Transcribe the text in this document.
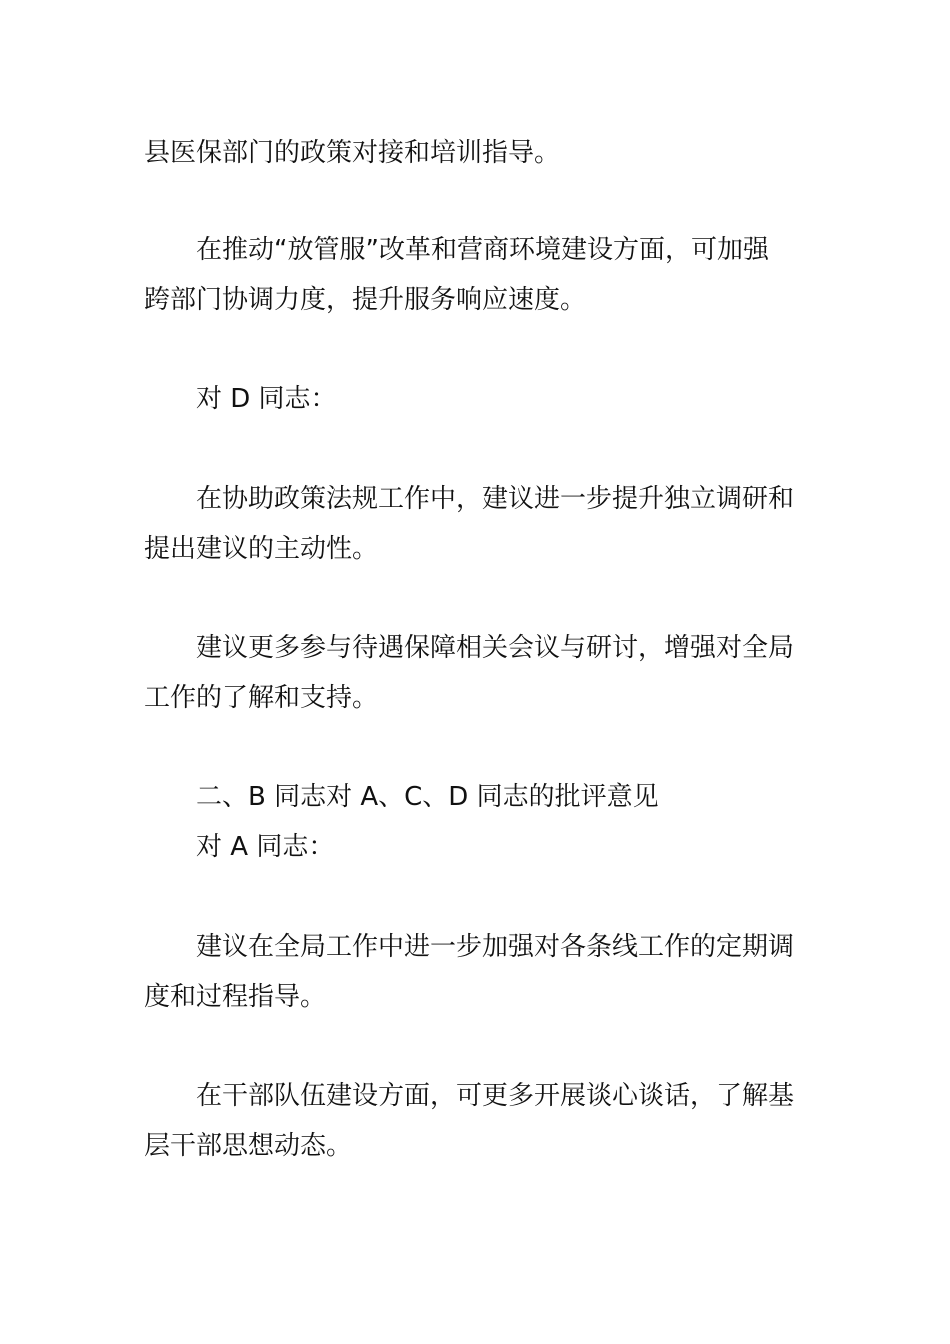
县医保部门的政策对接和培训指导。
在推动“放管服”改革和营商环境建设方面，可加强
跨部门协调力度，提升服务响应速度。
对 D 同志：
在协助政策法规工作中，建议进一步提升独立调研和
提出建议的主动性。
建议更多参与待遇保障相关会议与研讨，增强对全局
工作的了解和支持。
二、B 同志对 A、C、D 同志的批评意见
对 A 同志：
建议在全局工作中进一步加强对各条线工作的定期调
度和过程指导。
在干部队伍建设方面，可更多开展谈心谈话，了解基
层干部思想动态。
